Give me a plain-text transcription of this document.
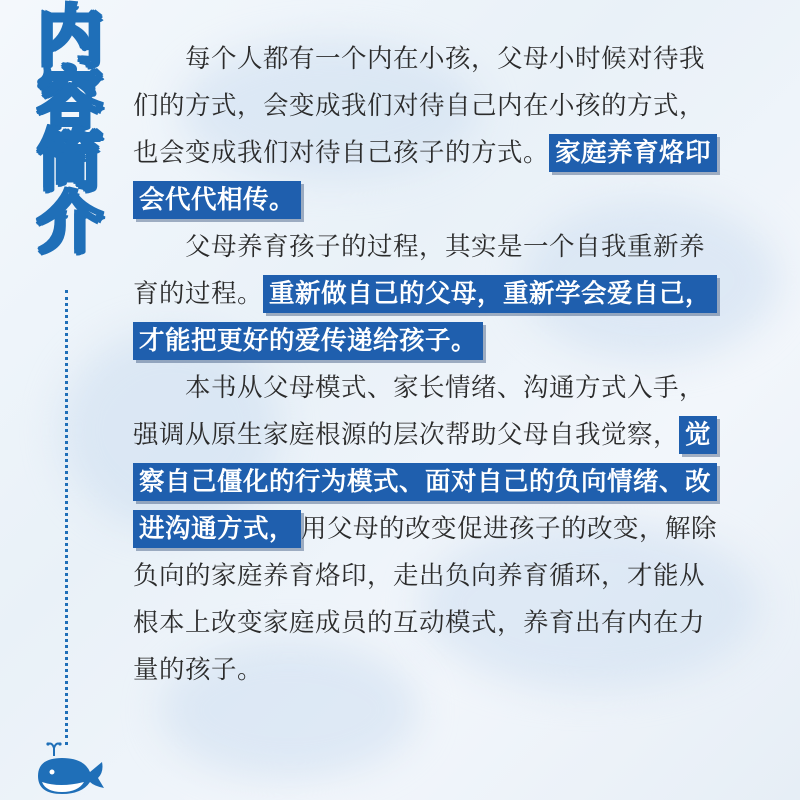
内
容
简
介
每个人都有一个内在小孩，父母小时候对待我
们的方式，会变成我们对待自己内在小孩的方式，
也会变成我们对待自己孩子的方式。 家庭养育烙印
会代代相传。
父母养育孩子的过程，其实是一个自我重新养
育的过程。 重新做自己的父母，重新学会爱自己，
才能把更好的爱传递给孩子。
本书从父母模式、家长情绪、沟通方式入手，
强调从原生家庭根源的层次帮助父母自我觉察， 觉
察自己僵化的行为模式、面对自己的负向情绪、改
进沟通方式， 用父母的改变促进孩子的改变，解除
负向的家庭养育烙印，走出负向养育循环，才能从
根本上改变家庭成员的互动模式，养育出有内在力
量的孩子。
